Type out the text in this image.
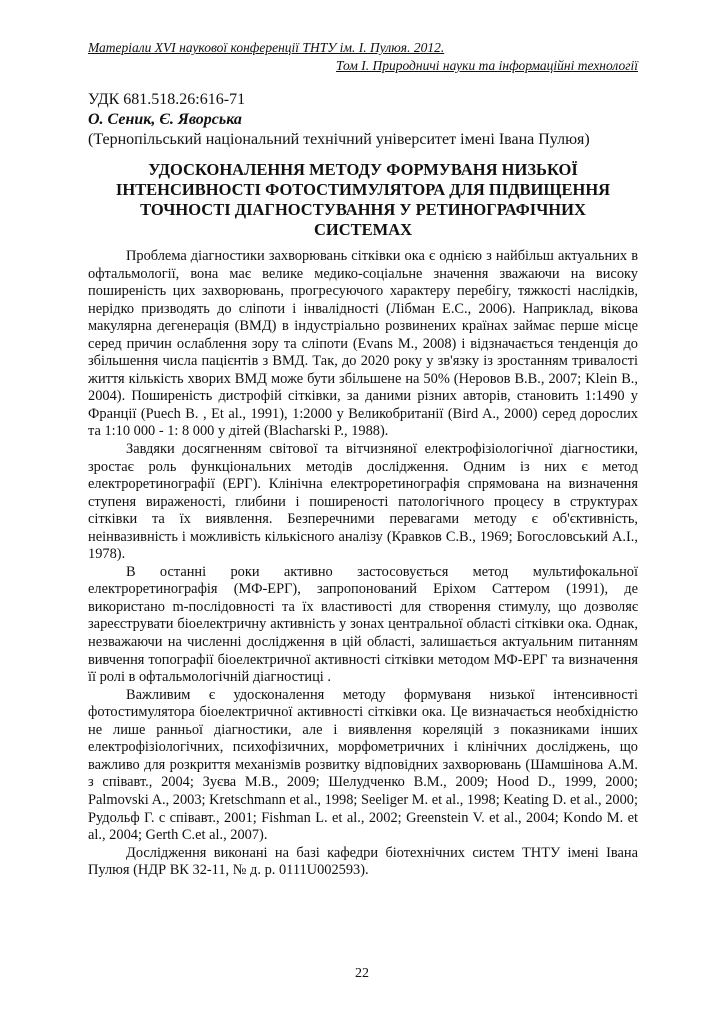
Матеріали XVI наукової конференції ТНТУ ім. І. Пулюя. 2012.
Том І. Природничі науки та інформаційні технології
УДК 681.518.26:616-71
О. Сеник, Є. Яворська
(Тернопільський національний технічний університет імені Івана Пулюя)
УДОСКОНАЛЕННЯ МЕТОДУ ФОРМУВАНЯ НИЗЬКОЇ ІНТЕНСИВНОСТІ ФОТОСТИМУЛЯТОРА ДЛЯ ПІДВИЩЕННЯ ТОЧНОСТІ ДІАГНОСТУВАННЯ У РЕТИНОГРАФІЧНИХ СИСТЕМАХ

Проблема діагностики захворювань сітківки ока є однією з найбільш актуальних в офтальмології, вона має велике медико-соціальне значення зважаючи на високу поширеність цих захворювань, прогресуючого характеру перебігу, тяжкості наслідків, нерідко призводять до сліпоти і інвалідності (Лібман Е.С., 2006). Наприклад, вікова макулярна дегенерація (ВМД) в індустріально розвинених країнах займає перше місце серед причин ослаблення зору та сліпоти (Evans M., 2008) і відзначається тенденція до збільшення числа пацієнтів з ВМД. Так, до 2020 року у зв'язку із зростанням тривалості життя кількість хворих ВМД може бути збільшене на 50% (Неровов В.В., 2007; Klein B., 2004). Поширеність дистрофій сітківки, за даними різних авторів, становить 1:1490 у Франції (Puech B. , Et al., 1991), 1:2000 у Великобританії (Bird A., 2000) серед дорослих та 1:10 000 - 1: 8 000 у дітей (Blacharski P., 1988).

Завдяки досягненням світової та вітчизняної електрофізіологічної діагностики, зростає роль функціональних методів дослідження. Одним із них є метод електроретинографії (ЕРГ). Клінічна електроретинографія спрямована на визначення ступеня вираженості, глибини і поширеності патологічного процесу в структурах сітківки та їх виявлення. Безперечними перевагами методу є об'єктивність, неінвазивність і можливість кількісного аналізу (Кравков С.В., 1969; Богословський А.І., 1978).

В останні роки активно застосовується метод мультифокальної електроретинографія (МФ-ЕРГ), запропонований Еріхом Саттером (1991), де використано m-послідовності та їх властивості для створення стимулу, що дозволяє зареєструвати біоелектричну активність у зонах центральної області сітківки ока. Однак, незважаючи на численні дослідження в цій області, залишається актуальним питанням вивчення топографії біоелектричної активності сітківки методом МФ-ЕРГ та визначення її ролі в офтальмологічній діагностиці .

Важливим є удосконалення методу формуваня низької інтенсивності фотостимулятора біоелектричної активності сітківки ока. Це визначається необхідністю не лише ранньої діагностики, але і виявлення кореляцій з показниками інших електрофізіологічних, психофізичних, морфометричних і клінічних досліджень, що важливо для розкриття механізмів розвитку відповідних захворювань (Шамшінова А.М. з співавт., 2004; Зуєва М.В., 2009; Шелудченко В.М., 2009; Hood D., 1999, 2000; Palmovski A., 2003; Kretschmann et al., 1998; Seeliger M. et al., 1998; Keating D. et al., 2000; Рудольф Г. с співавт., 2001; Fishman L. et al., 2002; Greenstein V. et al., 2004; Kondo M. et al., 2004; Gerth C.et al., 2007).

Дослідження виконані на базі кафедри біотехнічних систем ТНТУ імені Івана Пулюя (НДР ВК 32-11, № д. р. 0111U002593).

22
